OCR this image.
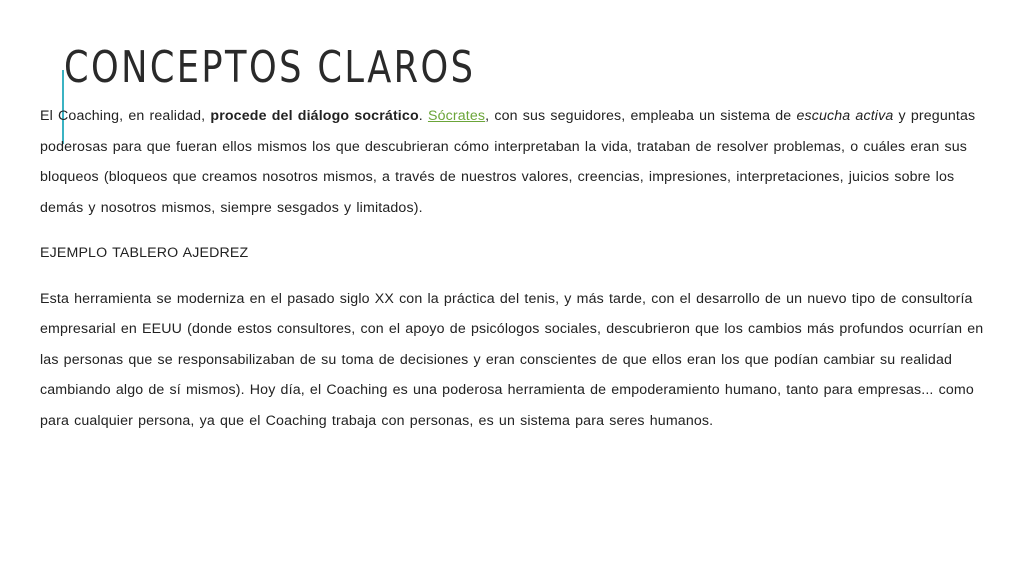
CONCEPTOS CLAROS

El Coaching, en realidad, procede del diálogo socrático. Sócrates, con sus seguidores, empleaba un sistema de escucha activa y preguntas poderosas para que fueran ellos mismos los que descubrieran cómo interpretaban la vida, trataban de resolver problemas, o cuáles eran sus bloqueos (bloqueos que creamos nosotros mismos, a través de nuestros valores, creencias, impresiones, interpretaciones, juicios sobre los demás y nosotros mismos, siempre sesgados y limitados).

EJEMPLO TABLERO AJEDREZ

Esta herramienta se moderniza en el pasado siglo XX con la práctica del tenis, y más tarde, con el desarrollo de un nuevo tipo de consultoría empresarial en EEUU (donde estos consultores, con el apoyo de psicólogos sociales, descubrieron que los cambios más profundos ocurrían en las personas que se responsabilizaban de su toma de decisiones y eran conscientes de que ellos eran los que podían cambiar su realidad cambiando algo de sí mismos). Hoy día, el Coaching es una poderosa herramienta de empoderamiento humano, tanto para empresas... como para cualquier persona, ya que el Coaching trabaja con personas, es un sistema para seres humanos.
